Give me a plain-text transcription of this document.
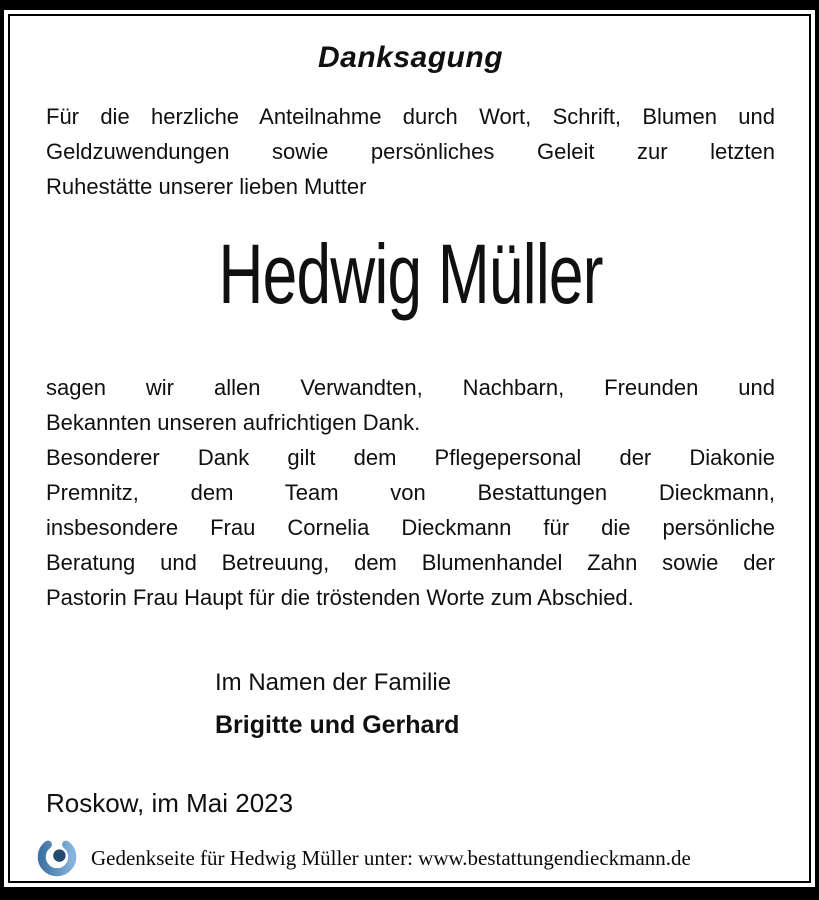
Danksagung
Für die herzliche Anteilnahme durch Wort, Schrift, Blumen und
Geldzuwendungen sowie persönliches Geleit zur letzten
Ruhestätte unserer lieben Mutter
Hedwig Müller
sagen wir allen Verwandten, Nachbarn, Freunden und
Bekannten unseren aufrichtigen Dank.
Besonderer Dank gilt dem Pflegepersonal der Diakonie
Premnitz, dem Team von Bestattungen Dieckmann,
insbesondere Frau Cornelia Dieckmann für die persönliche
Beratung und Betreuung, dem Blumenhandel Zahn sowie der
Pastorin Frau Haupt für die tröstenden Worte zum Abschied.
Im Namen der Familie
Brigitte und Gerhard
Roskow, im Mai 2023
Gedenkseite für Hedwig Müller unter: www.bestattungendieckmann.de
